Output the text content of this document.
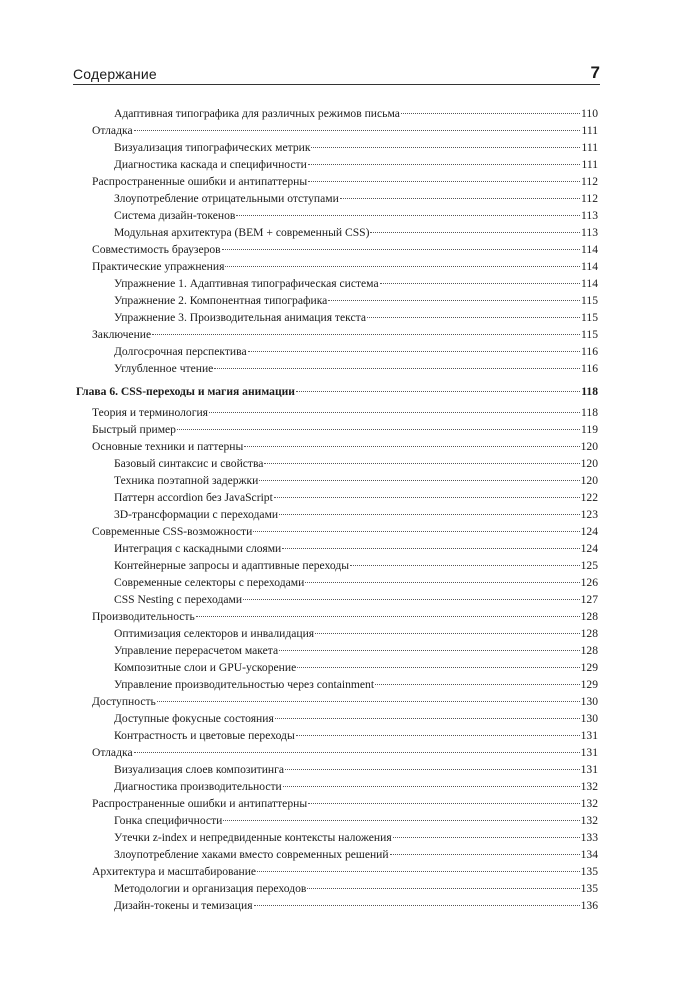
Содержание	7
Адаптивная типографика для различных режимов письма	110
Отладка	111
Визуализация типографических метрик	111
Диагностика каскада и специфичности	111
Распространенные ошибки и антипаттерны	112
Злоупотребление отрицательными отступами	112
Система дизайн-токенов	113
Модульная архитектура (BEM + современный CSS)	113
Совместимость браузеров	114
Практические упражнения	114
Упражнение 1. Адаптивная типографическая система	114
Упражнение 2. Компонентная типографика	115
Упражнение 3. Производительная анимация текста	115
Заключение	115
Долгосрочная перспектива	116
Углубленное чтение	116
Глава 6. CSS-переходы и магия анимации	118
Теория и терминология	118
Быстрый пример	119
Основные техники и паттерны	120
Базовый синтаксис и свойства	120
Техника поэтапной задержки	120
Паттерн accordion без JavaScript	122
3D-трансформации с переходами	123
Современные CSS-возможности	124
Интеграция с каскадными слоями	124
Контейнерные запросы и адаптивные переходы	125
Современные селекторы с переходами	126
CSS Nesting с переходами	127
Производительность	128
Оптимизация селекторов и инвалидация	128
Управление перерасчетом макета	128
Композитные слои и GPU-ускорение	129
Управление производительностью через containment	129
Доступность	130
Доступные фокусные состояния	130
Контрастность и цветовые переходы	131
Отладка	131
Визуализация слоев композитинга	131
Диагностика производительности	132
Распространенные ошибки и антипаттерны	132
Гонка специфичности	132
Утечки z-index и непредвиденные контексты наложения	133
Злоупотребление хаками вместо современных решений	134
Архитектура и масштабирование	135
Методологии и организация переходов	135
Дизайн-токены и темизация	136
